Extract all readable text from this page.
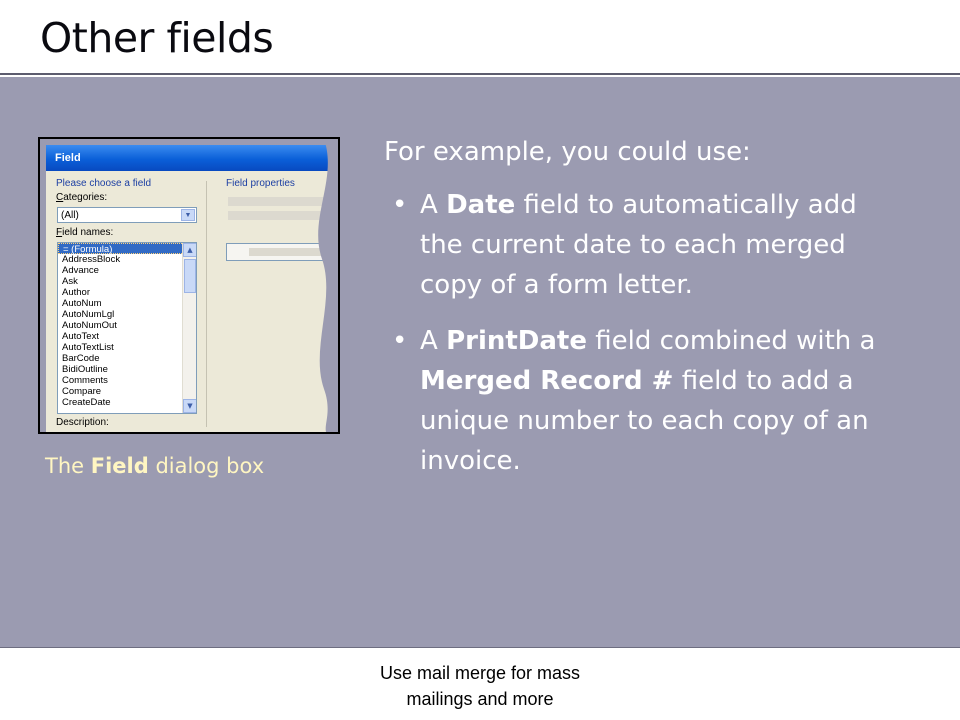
Other fields
Field
Please choose a field
Categories:
(All)	▼
Field names:
= (Formula)
AddressBlock
Advance
Ask
Author
AutoNum
AutoNumLgl
AutoNumOut
AutoText
AutoTextList
BarCode
BidiOutline
Comments
Compare
CreateDate
▲
▼
Description:
Field properties
The Field dialog box
For example, you could use:
• A Date field to automatically add the current date to each merged copy of a form letter.
• A PrintDate field combined with a Merged Record # field to add a unique number to each copy of an invoice.
Use mail merge for mass
mailings and more
